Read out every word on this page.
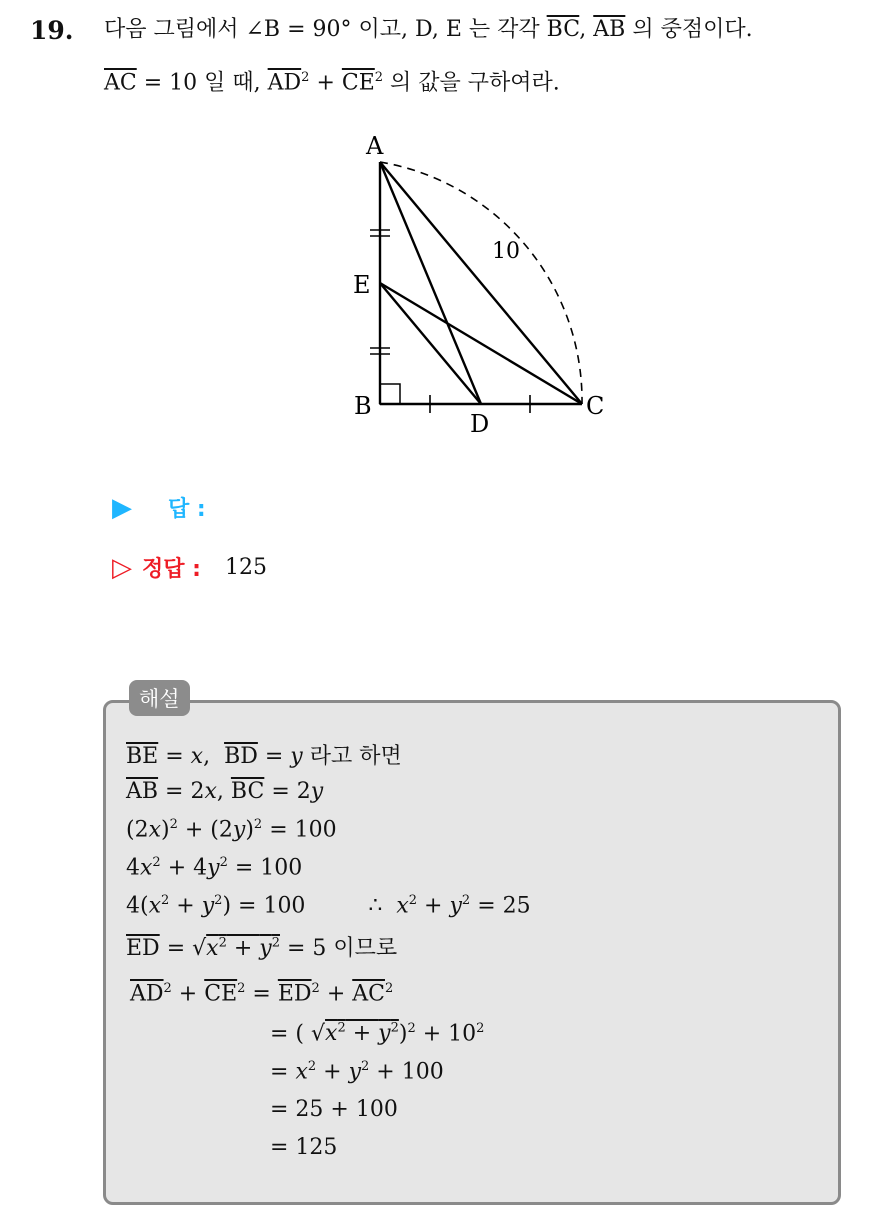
19. 다음 그림에서 ∠B = 90° 이고, D, E 는 각각 $\overline{BC}$, $\overline{AB}$ 의 중점이다.
$\overline{AC} = 10$ 일 때, $\overline{AD}^2 + \overline{CE}^2$ 의 값을 구하여라.
A
E
B	C
D
10
▶ 답 :
▷ 정답 : 125
$\overline{BE} = x$,  $\overline{BD} = y$ 라고 하면
$\overline{AB} = 2x$, $\overline{BC} = 2y$
$(2x)^2 + (2y)^2 = 100$
$4x^2 + 4y^2 = 100$
$4(x^2 + y^2) = 100$         ∴  $x^2 + y^2 = 25$
$\overline{ED} = √x^2 + y^2 = 5$ 이므로
$\overline{AD}^2 + \overline{CE}^2 = \overline{ED}^2 + \overline{AC}^2$
= ( $√x^2 + y^2)^2 + 10^2$
= $x^2 + y^2 + 100$
= 25 + 100
= 125
해설
